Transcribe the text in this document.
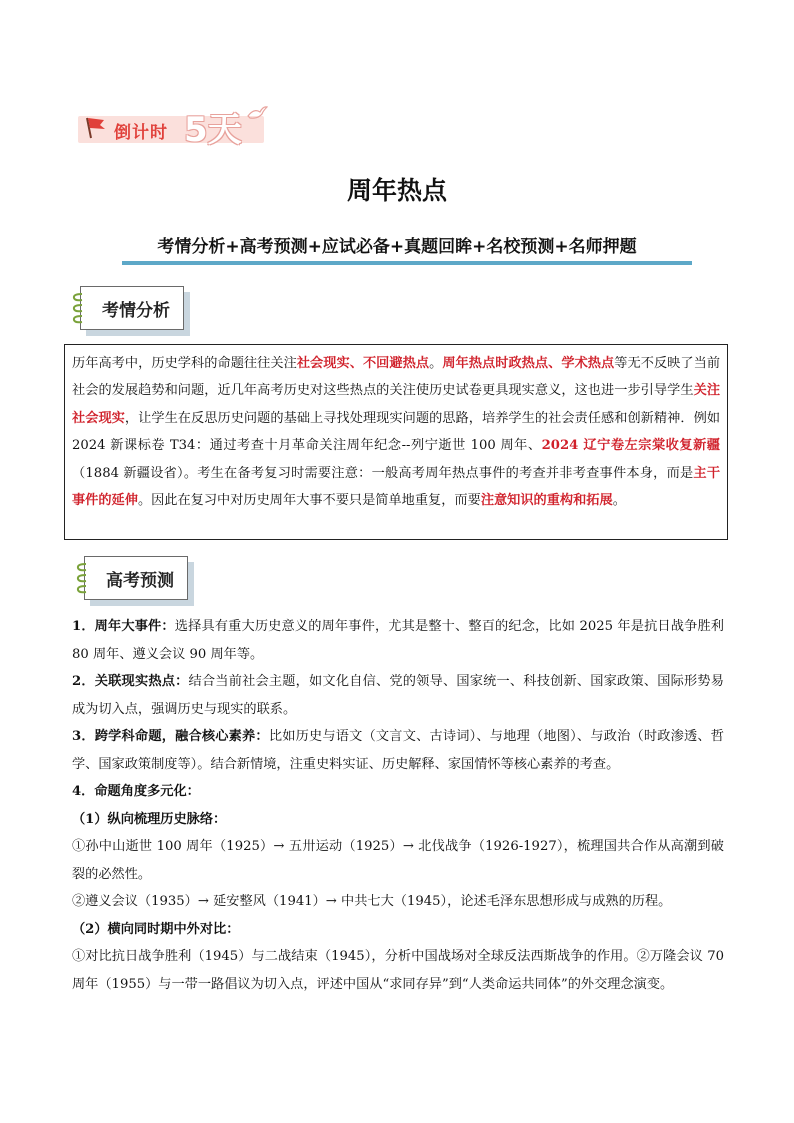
倒计时 5天
周年热点
考情分析+高考预测+应试必备+真题回眸+名校预测+名师押题
考情分析

历年高考中，历史学科的命题往往关注社会现实、不回避热点。周年热点时政热点、学术热点等无不反映了当前社会的发展趋势和问题，近几年高考历史对这些热点的关注使历史试卷更具现实意义，这也进一步引导学生关注社会现实，让学生在反思历史问题的基础上寻找处理现实问题的思路，培养学生的社会责任感和创新精神．例如 2024 新课标卷 T34：通过考查十月革命关注周年纪念--列宁逝世 100 周年、2024 辽宁卷左宗棠收复新疆（1884 新疆设省）。考生在备考复习时需要注意：一般高考周年热点事件的考查并非考查事件本身，而是主干事件的延伸。因此在复习中对历史周年大事不要只是简单地重复，而要注意知识的重构和拓展。

高考预测

1．周年大事件：选择具有重大历史意义的周年事件，尤其是整十、整百的纪念，比如 2025 年是抗日战争胜利 80 周年、遵义会议 90 周年等。

2．关联现实热点：结合当前社会主题，如文化自信、党的领导、国家统一、科技创新、国家政策、国际形势易成为切入点，强调历史与现实的联系。

3．跨学科命题，融合核心素养：比如历史与语文（文言文、古诗词）、与地理（地图）、与政治（时政渗透、哲学、国家政策制度等）。结合新情境，注重史料实证、历史解释、家国情怀等核心素养的考查。

4．命题角度多元化：

（1）纵向梳理历史脉络：

①孙中山逝世 100 周年（1925）→ 五卅运动（1925）→ 北伐战争（1926-1927），梳理国共合作从高潮到破裂的必然性。

②遵义会议（1935）→ 延安整风（1941）→ 中共七大（1945），论述毛泽东思想形成与成熟的历程。

（2）横向同时期中外对比：

①对比抗日战争胜利（1945）与二战结束（1945），分析中国战场对全球反法西斯战争的作用。②万隆会议 70 周年（1955）与一带一路倡议为切入点，评述中国从“求同存异”到“人类命运共同体”的外交理念演变。
